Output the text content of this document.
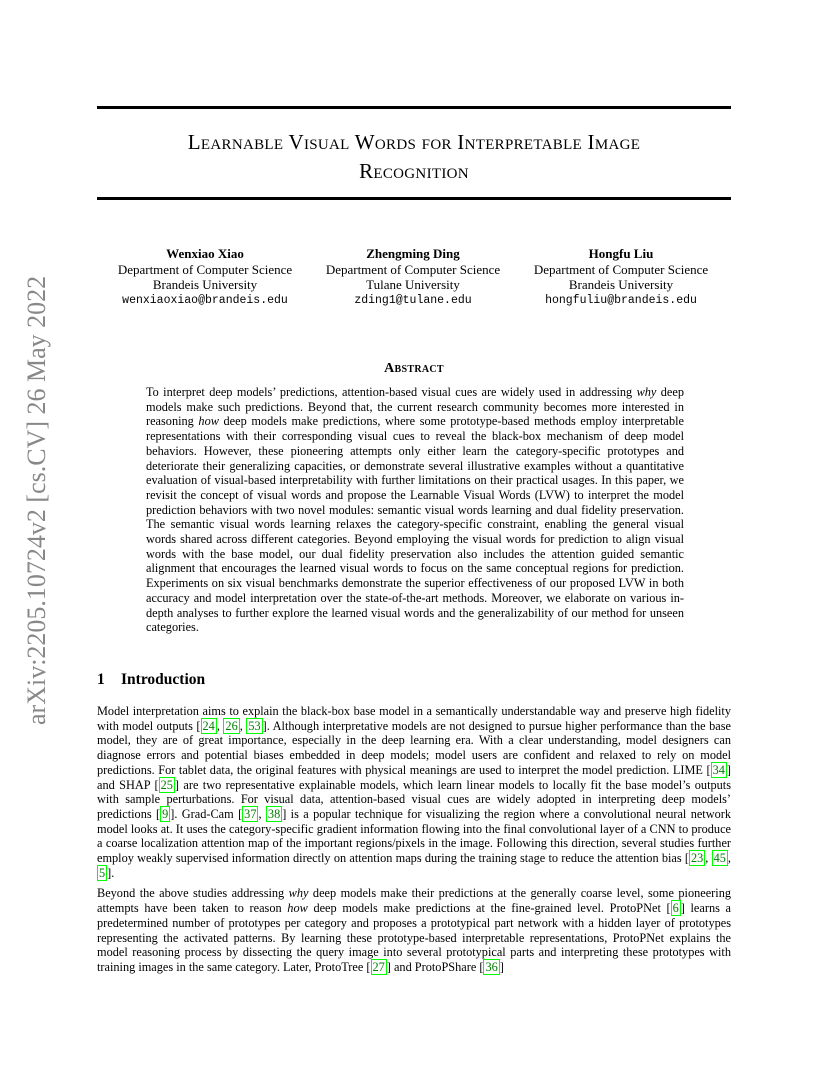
arXiv:2205.10724v2 [cs.CV] 26 May 2022
Learnable Visual Words for Interpretable Image
Recognition
Wenxiao Xiao
Department of Computer Science
Brandeis University
wenxiaoxiao@brandeis.edu
Zhengming Ding
Department of Computer Science
Tulane University
zding1@tulane.edu
Hongfu Liu
Department of Computer Science
Brandeis University
hongfuliu@brandeis.edu
Abstract

To interpret deep models’ predictions, attention-based visual cues are widely used in addressing why deep models make such predictions. Beyond that, the current research community becomes more interested in reasoning how deep models make predictions, where some prototype-based methods employ interpretable representations with their corresponding visual cues to reveal the black-box mechanism of deep model behaviors. However, these pioneering attempts only either learn the category-specific prototypes and deteriorate their generalizing capacities, or demonstrate several illustrative examples without a quantitative evaluation of visual-based interpretability with further limitations on their practical usages. In this paper, we revisit the concept of visual words and propose the Learnable Visual Words (LVW) to interpret the model prediction behaviors with two novel modules: semantic visual words learning and dual fidelity preservation. The semantic visual words learning relaxes the category-specific constraint, enabling the general visual words shared across different categories. Beyond employing the visual words for prediction to align visual words with the base model, our dual fidelity preservation also includes the attention guided semantic alignment that encourages the learned visual words to focus on the same conceptual regions for prediction. Experiments on six visual benchmarks demonstrate the superior effectiveness of our proposed LVW in both accuracy and model interpretation over the state-of-the-art methods. Moreover, we elaborate on various in-depth analyses to further explore the learned visual words and the generalizability of our method for unseen categories.

1 Introduction

Model interpretation aims to explain the black-box base model in a semantically understandable way and preserve high fidelity with model outputs [ 24 , 26 , 53 ]. Although interpretative models are not designed to pursue higher performance than the base model, they are of great importance, especially in the deep learning era. With a clear understanding, model designers can diagnose errors and potential biases embedded in deep models; model users are confident and relaxed to rely on model predictions. For tablet data, the original features with physical meanings are used to interpret the model prediction. LIME [ 34 ] and SHAP [ 25 ] are two representative explainable models, which learn linear models to locally fit the base model’s outputs with sample perturbations. For visual data, attention-based visual cues are widely adopted in interpreting deep models’ predictions [ 9 ]. Grad-Cam [ 37 , 38 ] is a popular technique for visualizing the region where a convolutional neural network model looks at. It uses the category-specific gradient information flowing into the final convolutional layer of a CNN to produce a coarse localization attention map of the important regions/pixels in the image. Following this direction, several studies further employ weakly supervised information directly on attention maps during the training stage to reduce the attention bias [ 23 , 45 , 5 ].

Beyond the above studies addressing why deep models make their predictions at the generally coarse level, some pioneering attempts have been taken to reason how deep models make predictions at the fine-grained level. ProtoPNet [ 6 ] learns a predetermined number of prototypes per category and proposes a prototypical part network with a hidden layer of prototypes representing the activated patterns. By learning these prototype-based interpretable representations, ProtoPNet explains the model reasoning process by dissecting the query image into several prototypical parts and interpreting these prototypes with training images in the same category. Later, ProtoTree [ 27 ] and ProtoPShare [ 36 ]
